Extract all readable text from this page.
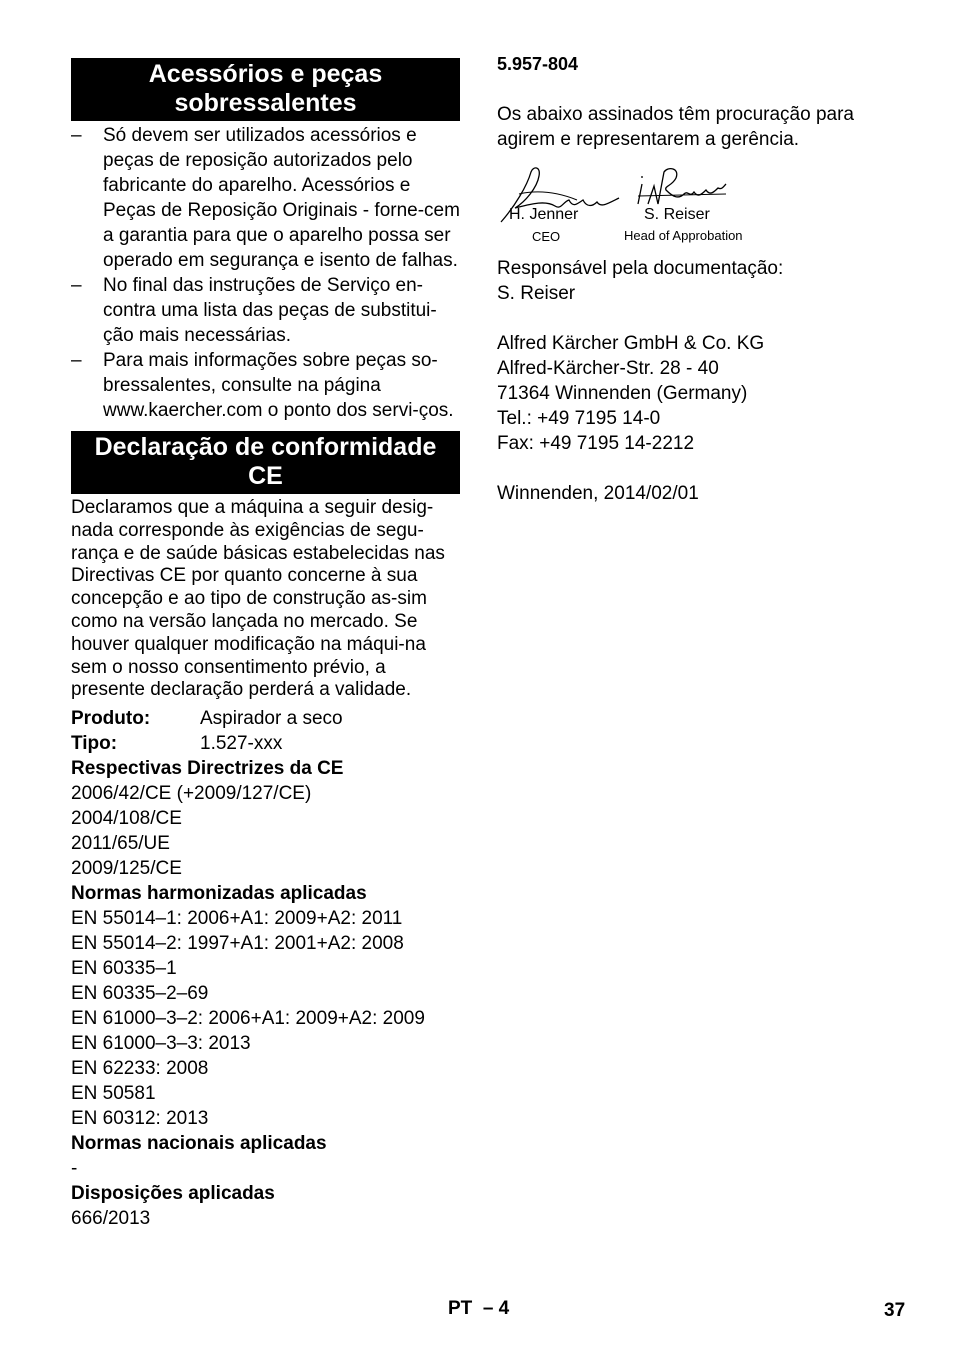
Acessórios e peças sobressalentes
– Só devem ser utilizados acessórios e peças de reposição autorizados pelo fabricante do aparelho. Acessórios e Peças de Reposição Originais - forne-cem a garantia para que o aparelho possa ser operado em segurança e isento de falhas.
– No final das instruções de Serviço en-contra uma lista das peças de substitui-ção mais necessárias.
– Para mais informações sobre peças so-bressalentes, consulte na página www.kaercher.com o ponto dos servi-ços.
Declaração de conformidade CE

Declaramos que a máquina a seguir desig-nada corresponde às exigências de segu-rança e de saúde básicas estabelecidas nas Directivas CE por quanto concerne à sua concepção e ao tipo de construção as-sim como na versão lançada no mercado. Se houver qualquer modificação na máqui-na sem o nosso consentimento prévio, a presente declaração perderá a validade.

Produto:	Aspirador a seco
Tipo:	1.527-xxx
Respectivas Directrizes da CE
2006/42/CE (+2009/127/CE)
2004/108/CE
2011/65/UE
2009/125/CE
Normas harmonizadas aplicadas
EN 55014–1: 2006+A1: 2009+A2: 2011
EN 55014–2: 1997+A1: 2001+A2: 2008
EN 60335–1
EN 60335–2–69
EN 61000–3–2: 2006+A1: 2009+A2: 2009
EN 61000–3–3: 2013
EN 62233: 2008
EN 50581
EN 60312: 2013
Normas nacionais aplicadas
-
Disposições aplicadas
666/2013
5.957-804

Os abaixo assinados têm procuração para agirem e representarem a gerência.

H. Jenner
CEO
S. Reiser
Head of Approbation
Responsável pela documentação:
S. Reiser
Alfred Kärcher GmbH & Co. KG
Alfred-Kärcher-Str. 28 - 40
71364 Winnenden (Germany)
Tel.: +49 7195 14-0
Fax: +49 7195 14-2212
Winnenden, 2014/02/01
PT  – 4	37
